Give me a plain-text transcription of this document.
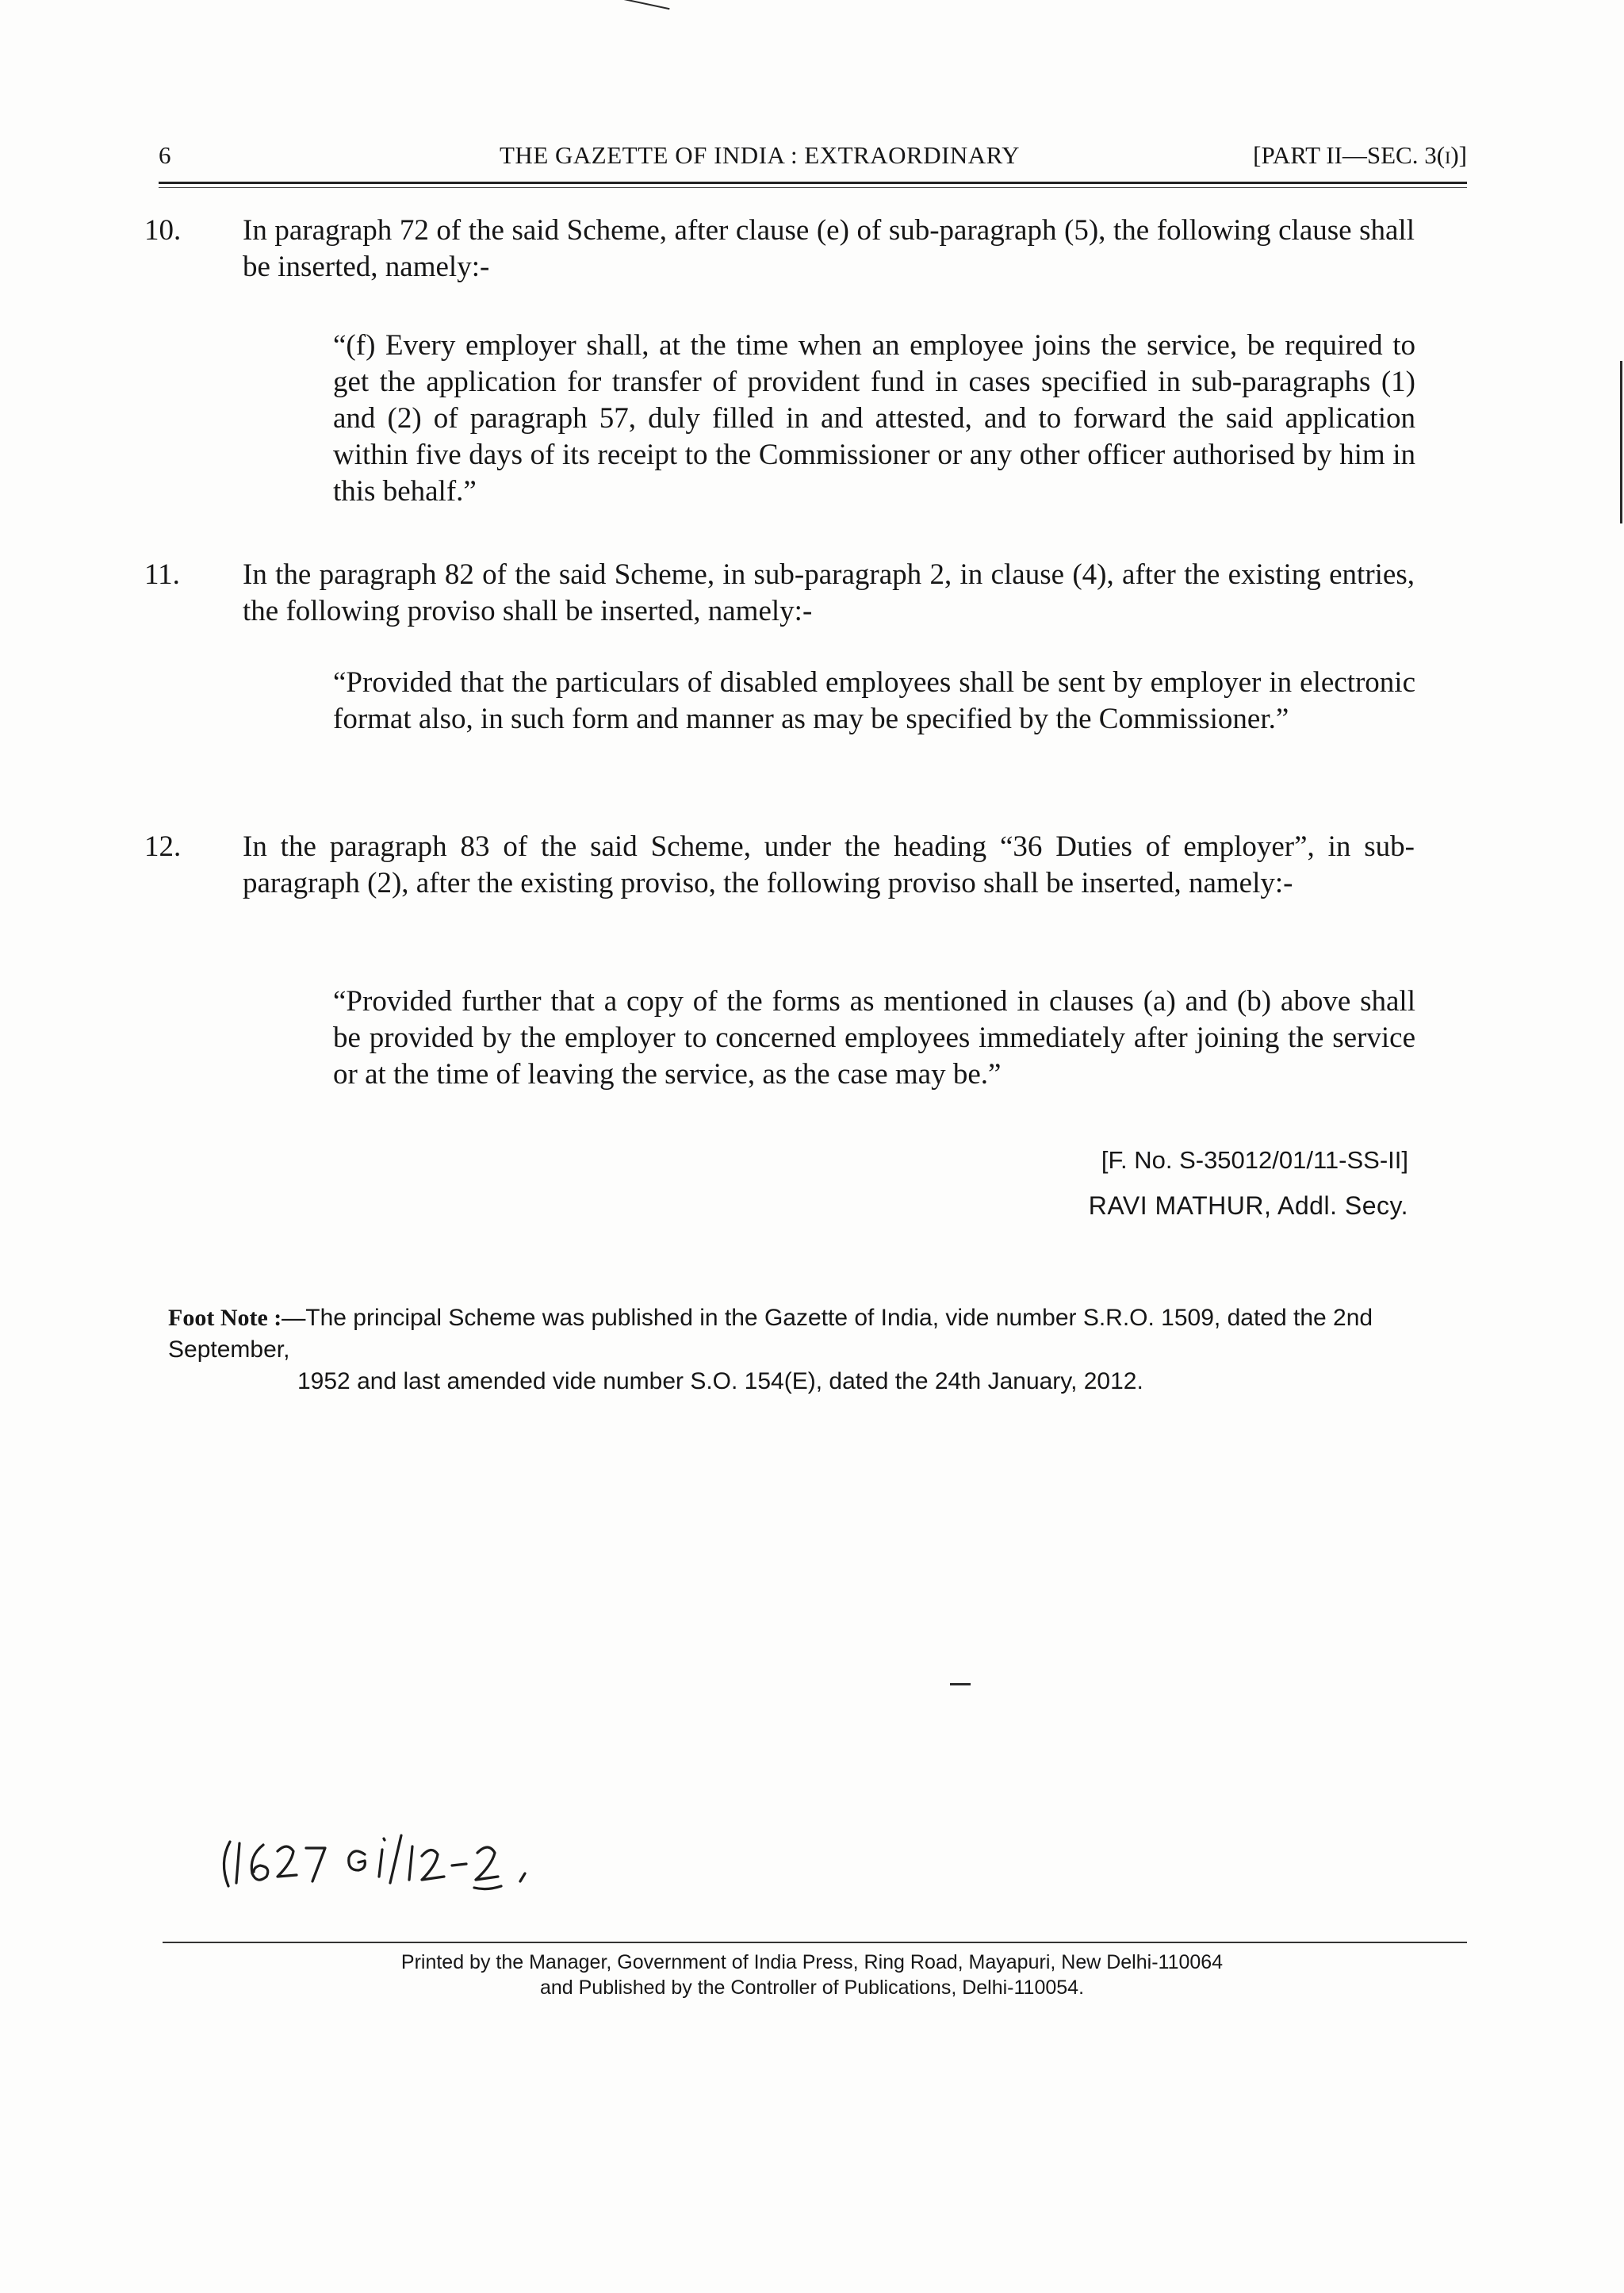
6	THE GAZETTE OF INDIA : EXTRAORDINARY	[PART II—SEC. 3(i)]
10. In paragraph 72 of the said Scheme, after clause (e) of sub-paragraph (5), the following clause shall be inserted, namely:-
“(f) Every employer shall, at the time when an employee joins the service, be required to get the application for transfer of provident fund in cases specified in sub-paragraphs (1) and (2) of paragraph 57, duly filled in and attested, and to forward the said application within five days of its receipt to the Commissioner or any other officer authorised by him in this behalf.”
11. In the paragraph 82 of the said Scheme, in sub-paragraph 2, in clause (4), after the existing entries, the following proviso shall be inserted, namely:-
“Provided that the particulars of disabled employees shall be sent by employer in electronic format also, in such form and manner as may be specified by the Commissioner.”
12. In the paragraph 83 of the said Scheme, under the heading “36 Duties of employer”, in sub-paragraph (2), after the existing proviso, the following proviso shall be inserted, namely:-
“Provided further that a copy of the forms as mentioned in clauses (a) and (b) above shall be provided by the employer to concerned employees immediately after joining the service or at the time of leaving the service, as the case may be.”
[F. No. S-35012/01/11-SS-II]
RAVI MATHUR, Addl. Secy.
Foot Note :—The principal Scheme was published in the Gazette of India, vide number S.R.O. 1509, dated the 2nd September,
1952 and last amended vide number S.O. 154(E), dated the 24th January, 2012.
Printed by the Manager, Government of India Press, Ring Road, Mayapuri, New Delhi-110064
and Published by the Controller of Publications, Delhi-110054.
